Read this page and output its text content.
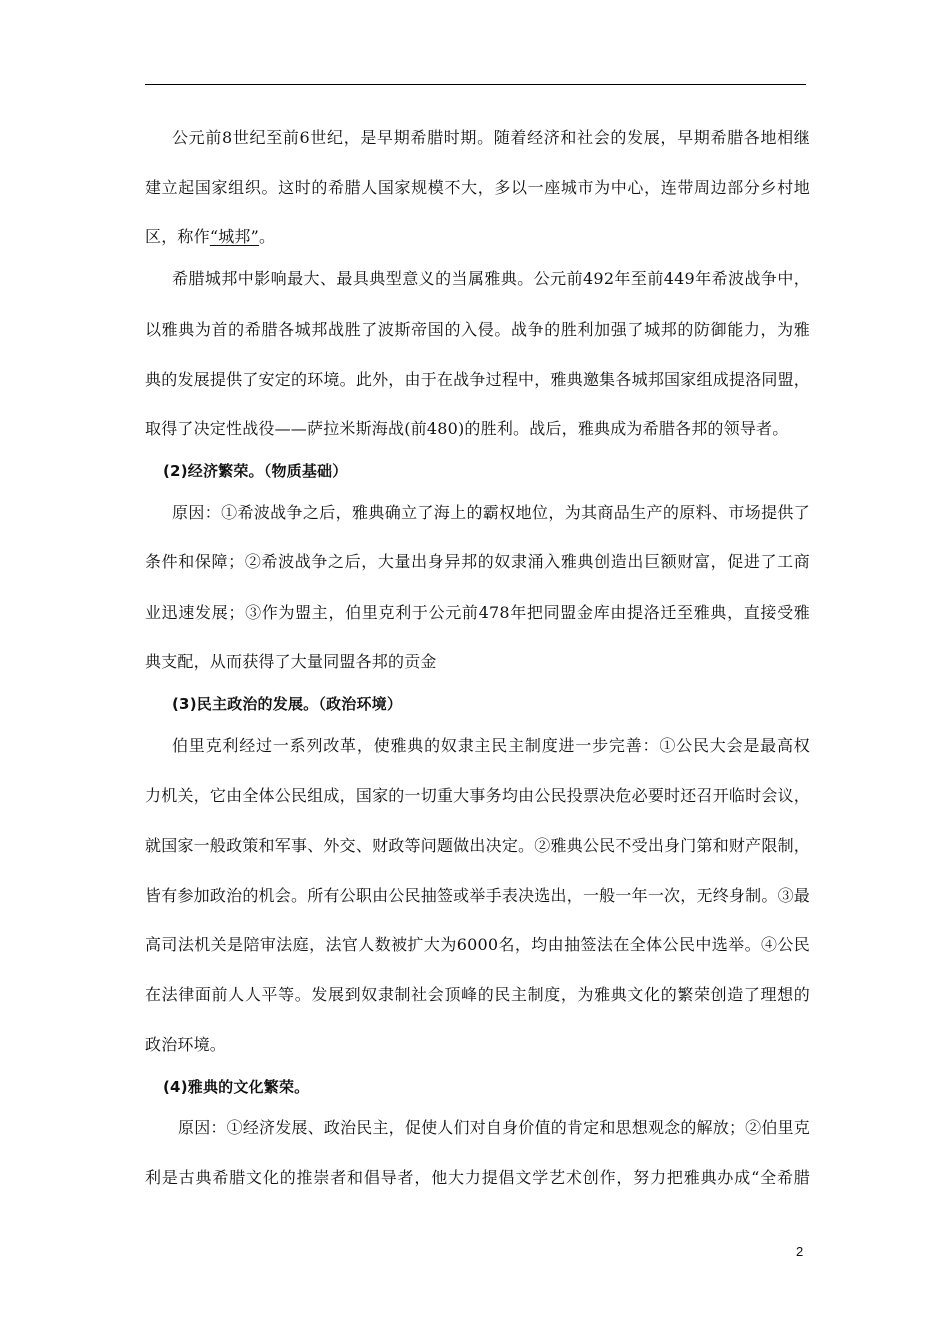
公元前8世纪至前6世纪，是早期希腊时期。随着经济和社会的发展，早期希腊各地相继
建立起国家组织。这时的希腊人国家规模不大，多以一座城市为中心，连带周边部分乡村地
区，称作“城邦”。
希腊城邦中影响最大、最具典型意义的当属雅典。公元前492年至前449年希波战争中，
以雅典为首的希腊各城邦战胜了波斯帝国的入侵。战争的胜利加强了城邦的防御能力，为雅
典的发展提供了安定的环境。此外，由于在战争过程中，雅典邀集各城邦国家组成提洛同盟，
取得了决定性战役——萨拉米斯海战(前480)的胜利。战后，雅典成为希腊各邦的领导者。
(2)经济繁荣。（物质基础）
原因：①希波战争之后，雅典确立了海上的霸权地位，为其商品生产的原料、市场提供了
条件和保障；②希波战争之后，大量出身异邦的奴隶涌入雅典创造出巨额财富，促进了工商
业迅速发展；③作为盟主，伯里克利于公元前478年把同盟金库由提洛迁至雅典，直接受雅
典支配，从而获得了大量同盟各邦的贡金
(3)民主政治的发展。（政治环境）
伯里克利经过一系列改革，使雅典的奴隶主民主制度进一步完善：①公民大会是最高权
力机关，它由全体公民组成，国家的一切重大事务均由公民投票决危必要时还召开临时会议，
就国家一般政策和军事、外交、财政等问题做出决定。②雅典公民不受出身门第和财产限制，
皆有参加政治的机会。所有公职由公民抽签或举手表决选出，一般一年一次，无终身制。③最
高司法机关是陪审法庭，法官人数被扩大为6000名，均由抽签法在全体公民中选举。④公民
在法律面前人人平等。发展到奴隶制社会顶峰的民主制度，为雅典文化的繁荣创造了理想的
政治环境。
(4)雅典的文化繁荣。
原因：①经济发展、政治民主，促使人们对自身价值的肯定和思想观念的解放；②伯里克
利是古典希腊文化的推崇者和倡导者，他大力提倡文学艺术创作，努力把雅典办成“全希腊
2
